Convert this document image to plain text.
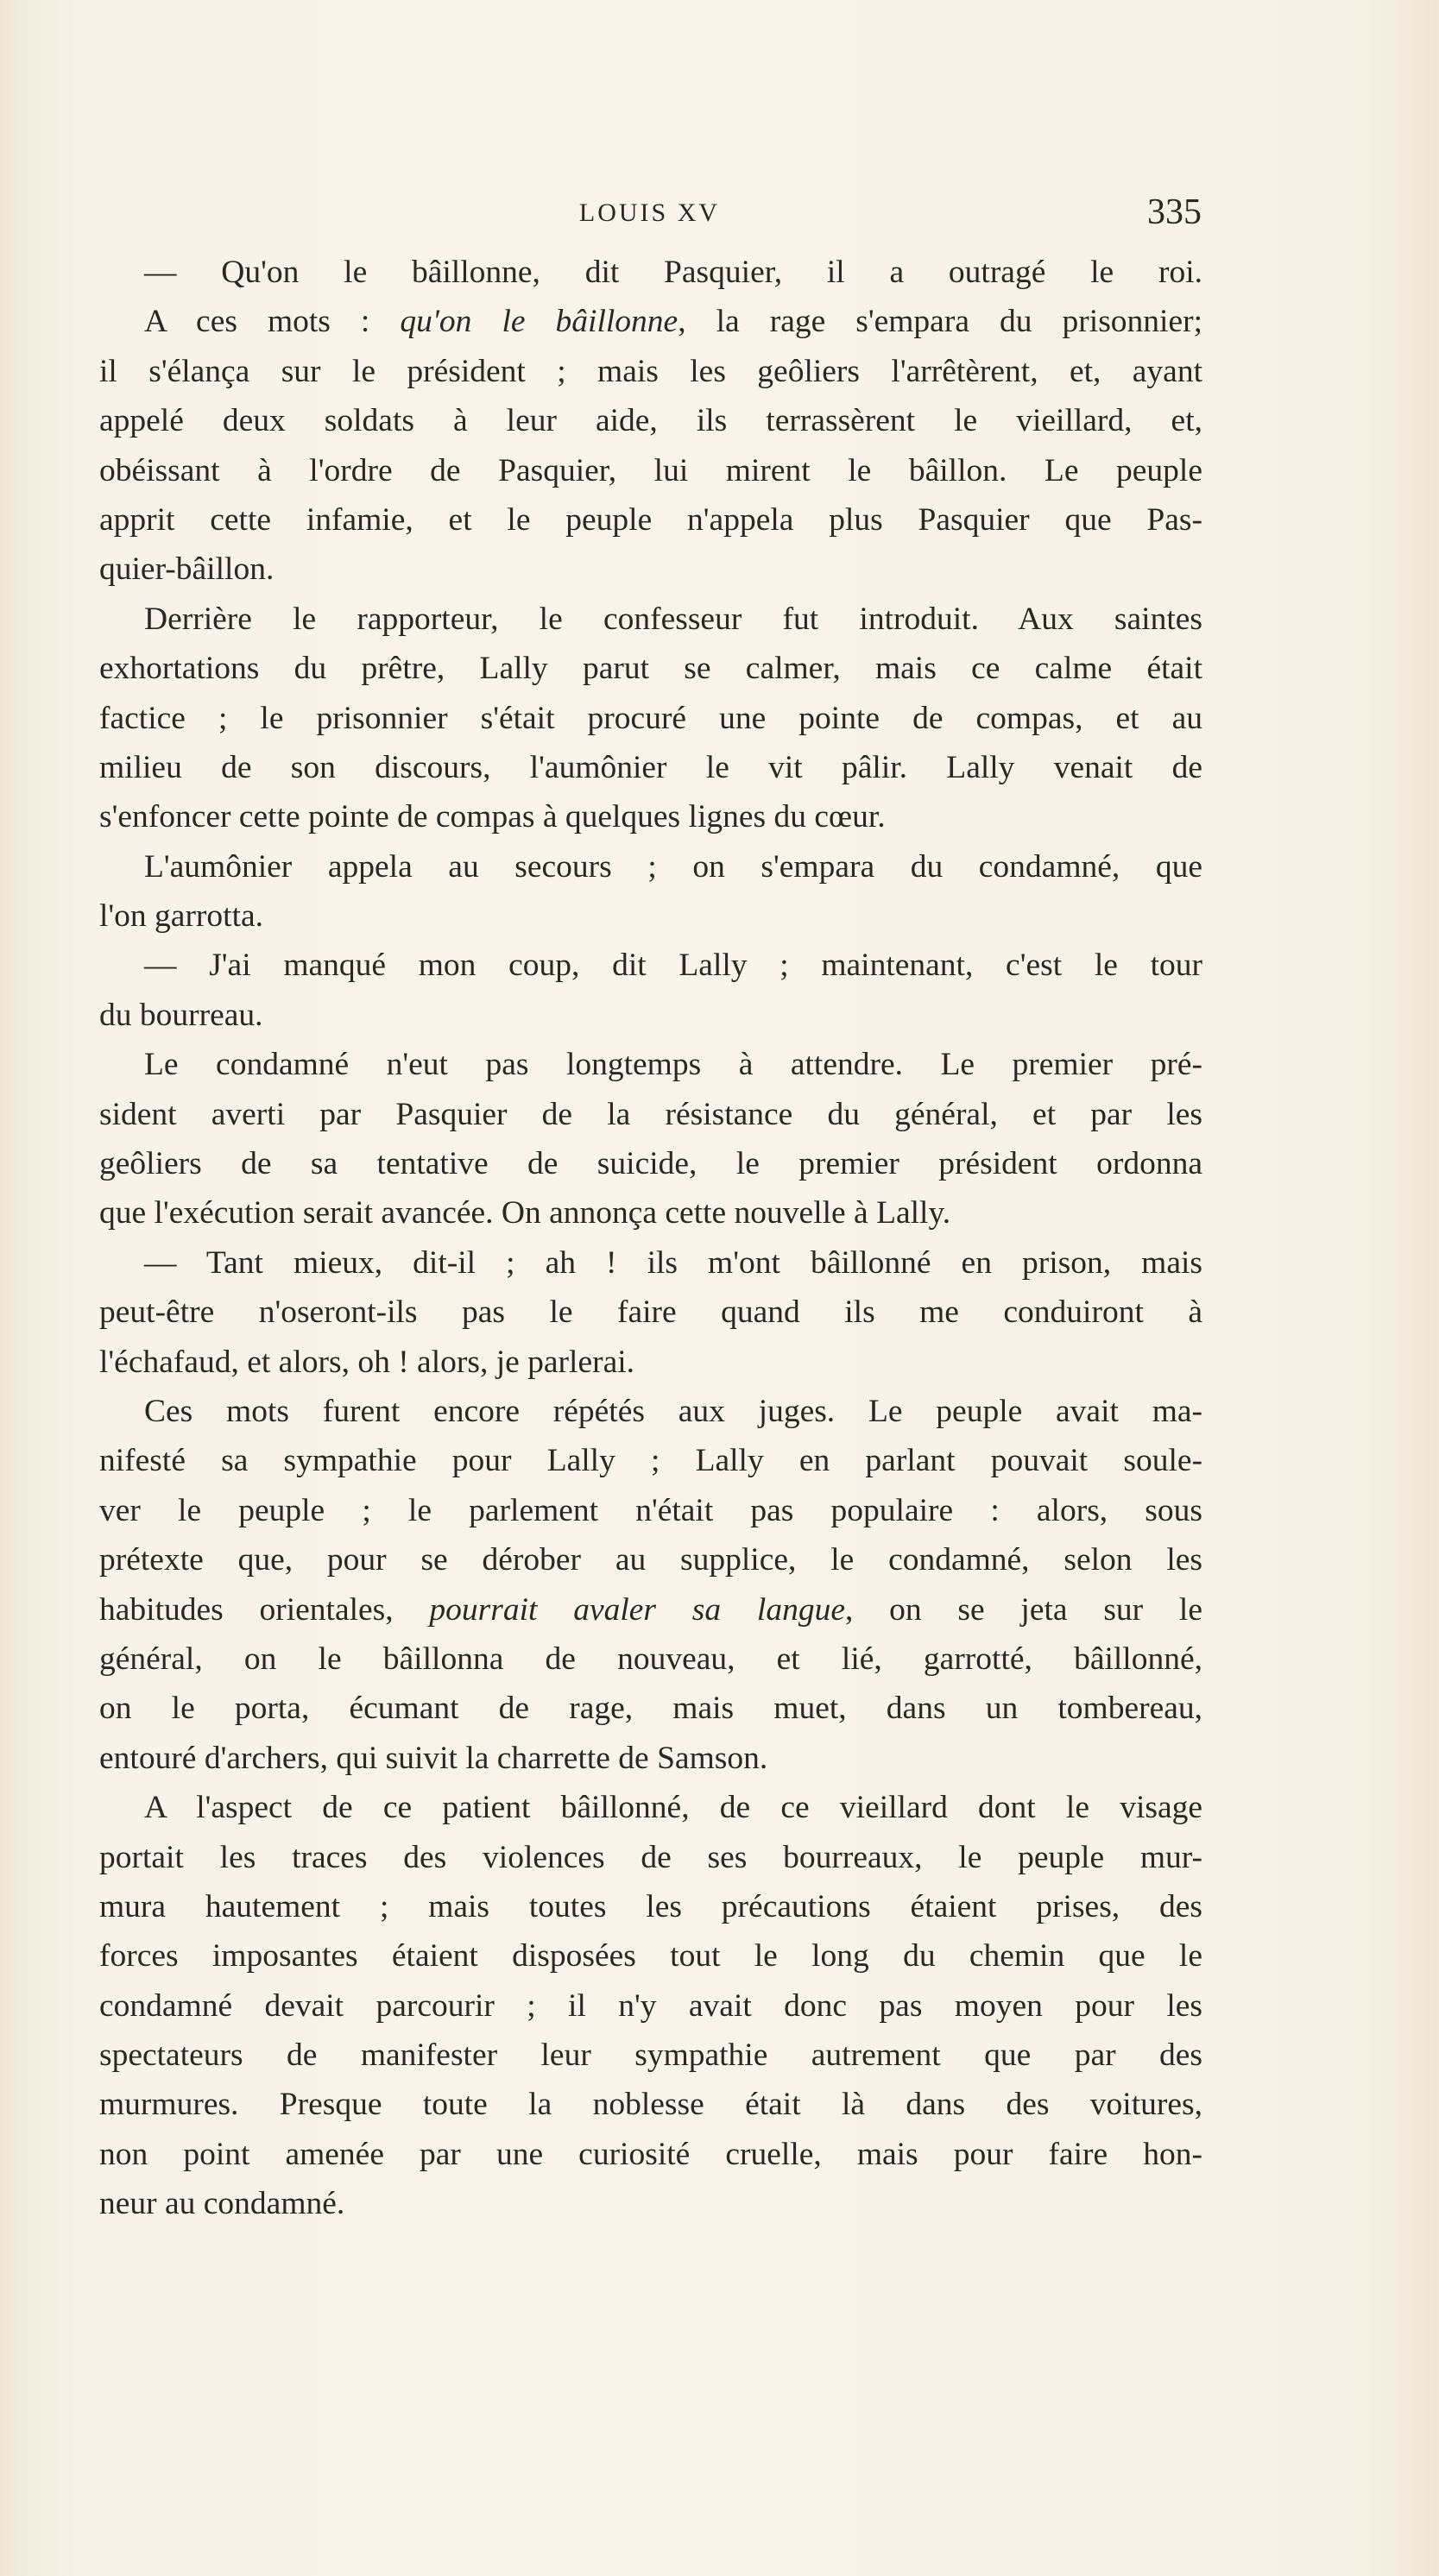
LOUIS XV	335
— Qu'on le bâillonne, dit Pasquier, il a outragé le roi.
A ces mots : qu'on le bâillonne, la rage s'empara du prisonnier;
il s'élança sur le président ; mais les geôliers l'arrêtèrent, et, ayant
appelé deux soldats à leur aide, ils terrassèrent le vieillard, et,
obéissant à l'ordre de Pasquier, lui mirent le bâillon. Le peuple
apprit cette infamie, et le peuple n'appela plus Pasquier que Pas-
quier-bâillon.
Derrière le rapporteur, le confesseur fut introduit. Aux saintes
exhortations du prêtre, Lally parut se calmer, mais ce calme était
factice ; le prisonnier s'était procuré une pointe de compas, et au
milieu de son discours, l'aumônier le vit pâlir. Lally venait de
s'enfoncer cette pointe de compas à quelques lignes du cœur.
L'aumônier appela au secours ; on s'empara du condamné, que
l'on garrotta.
— J'ai manqué mon coup, dit Lally ; maintenant, c'est le tour
du bourreau.
Le condamné n'eut pas longtemps à attendre. Le premier pré-
sident averti par Pasquier de la résistance du général, et par les
geôliers de sa tentative de suicide, le premier président ordonna
que l'exécution serait avancée. On annonça cette nouvelle à Lally.
— Tant mieux, dit-il ; ah ! ils m'ont bâillonné en prison, mais
peut-être n'oseront-ils pas le faire quand ils me conduiront à
l'échafaud, et alors, oh ! alors, je parlerai.
Ces mots furent encore répétés aux juges. Le peuple avait ma-
nifesté sa sympathie pour Lally ; Lally en parlant pouvait soule-
ver le peuple ; le parlement n'était pas populaire : alors, sous
prétexte que, pour se dérober au supplice, le condamné, selon les
habitudes orientales, pourrait avaler sa langue, on se jeta sur le
général, on le bâillonna de nouveau, et lié, garrotté, bâillonné,
on le porta, écumant de rage, mais muet, dans un tombereau,
entouré d'archers, qui suivit la charrette de Samson.
A l'aspect de ce patient bâillonné, de ce vieillard dont le visage
portait les traces des violences de ses bourreaux, le peuple mur-
mura hautement ; mais toutes les précautions étaient prises, des
forces imposantes étaient disposées tout le long du chemin que le
condamné devait parcourir ; il n'y avait donc pas moyen pour les
spectateurs de manifester leur sympathie autrement que par des
murmures. Presque toute la noblesse était là dans des voitures,
non point amenée par une curiosité cruelle, mais pour faire hon-
neur au condamné.
